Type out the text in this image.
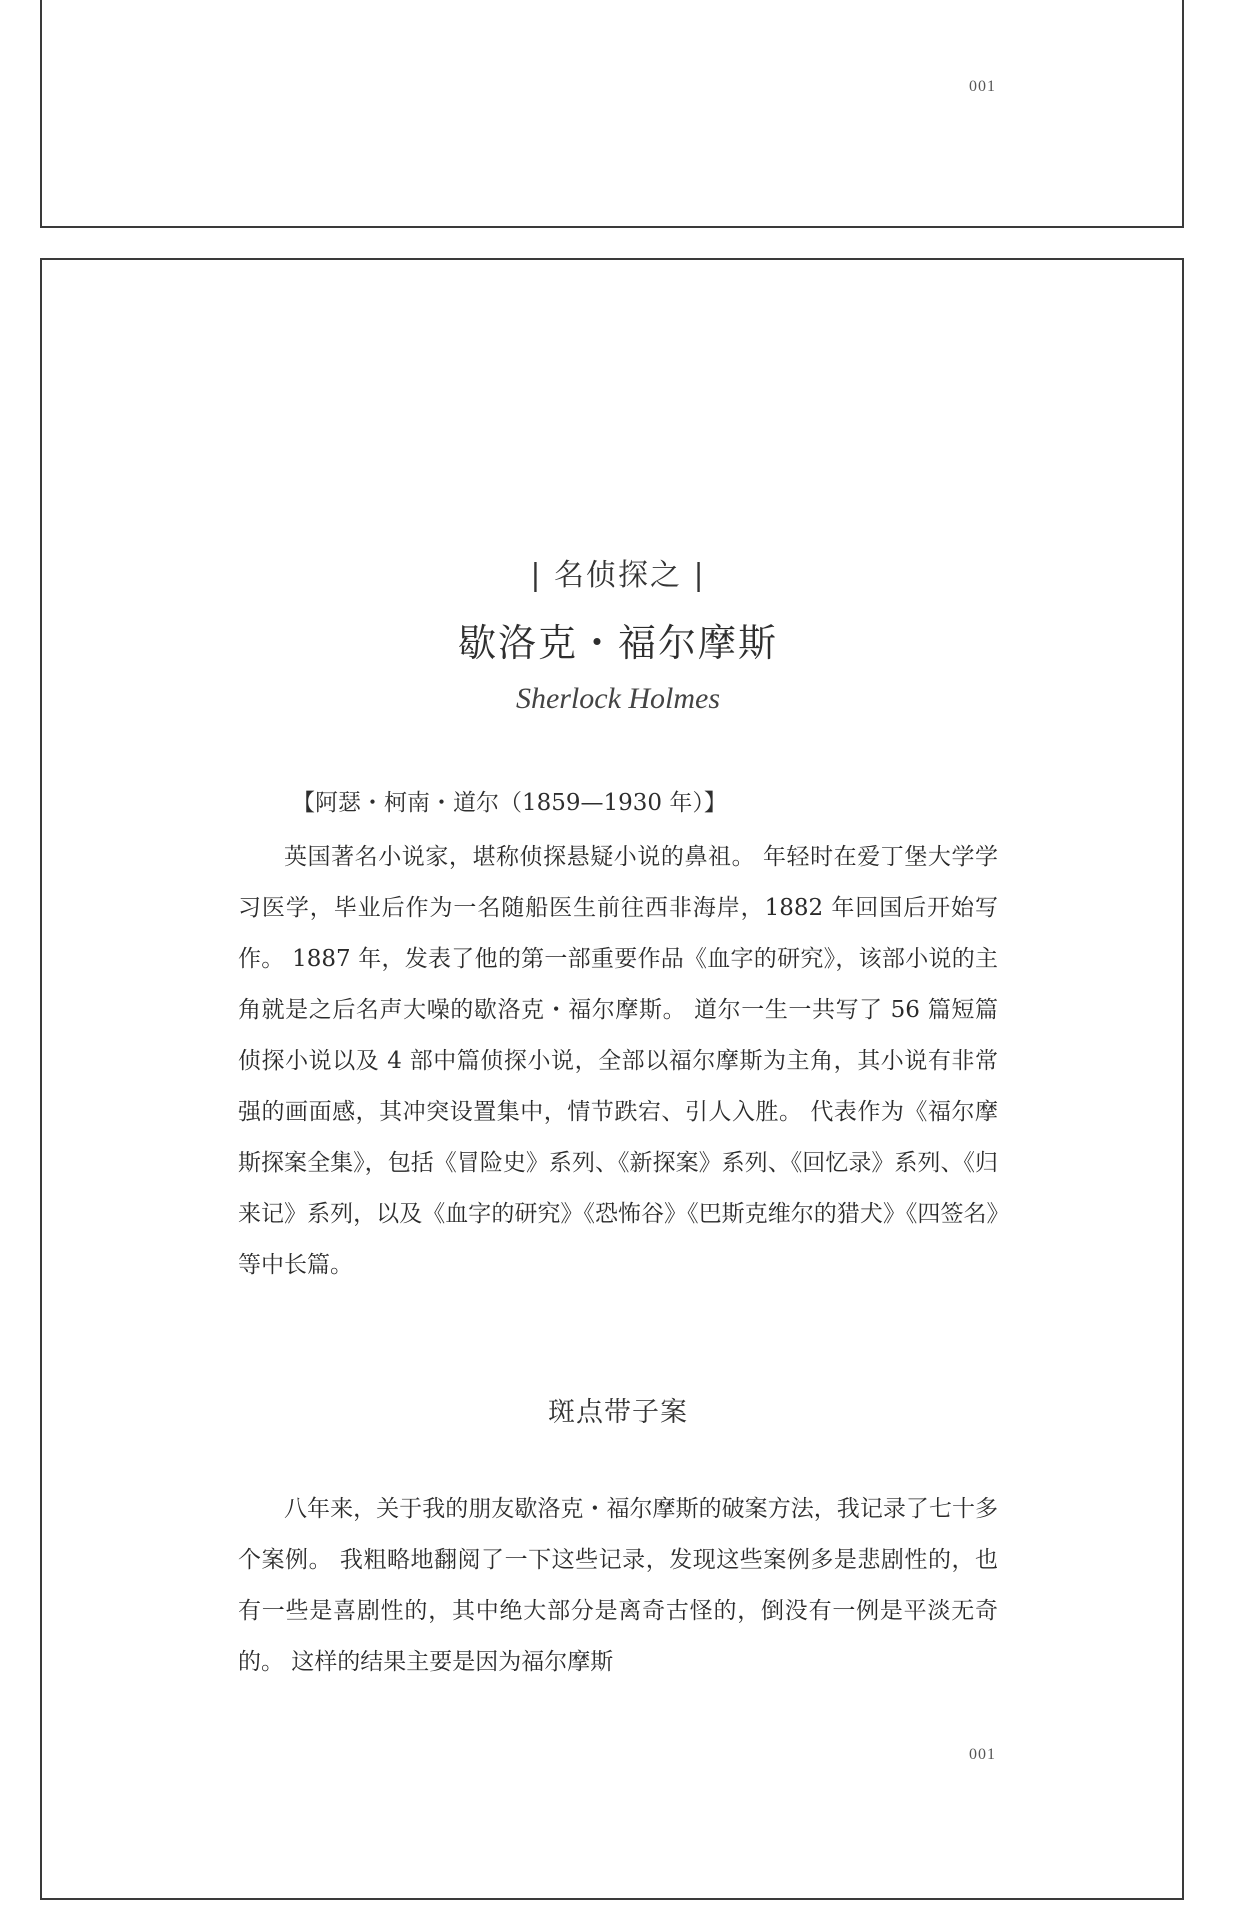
001
| 名侦探之 |
歇洛克・福尔摩斯
Sherlock Holmes
【阿瑟・柯南・道尔（1859—1930 年）】

英国著名小说家，堪称侦探悬疑小说的鼻祖。 年轻时在爱丁堡大学学习医学，毕业后作为一名随船医生前往西非海岸，1882 年回国后开始写作。 1887 年，发表了他的第一部重要作品《血字的研究》，该部小说的主角就是之后名声大噪的歇洛克・福尔摩斯。 道尔一生一共写了 56 篇短篇侦探小说以及 4 部中篇侦探小说，全部以福尔摩斯为主角，其小说有非常强的画面感，其冲突设置集中，情节跌宕、引人入胜。 代表作为《福尔摩斯探案全集》，包括《冒险史》系列、《新探案》系列、《回忆录》系列、《归来记》系列，以及《血字的研究》《恐怖谷》《巴斯克维尔的猎犬》《四签名》等中长篇。

斑点带子案

八年来，关于我的朋友歇洛克・福尔摩斯的破案方法，我记录了七十多个案例。 我粗略地翻阅了一下这些记录，发现这些案例多是悲剧性的，也有一些是喜剧性的，其中绝大部分是离奇古怪的，倒没有一例是平淡无奇的。 这样的结果主要是因为福尔摩斯

001
